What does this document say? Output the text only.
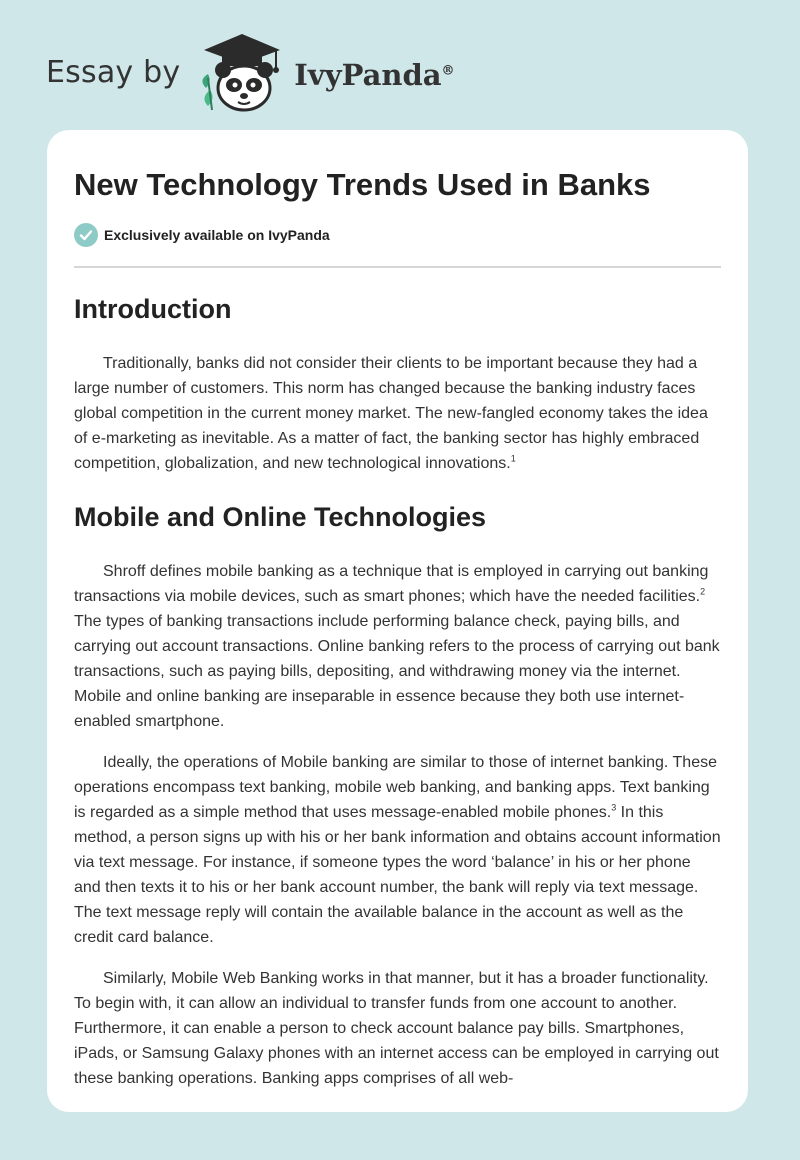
Essay by	IvyPanda®
New Technology Trends Used in Banks
Exclusively available on IvyPanda
Introduction

Traditionally, banks did not consider their clients to be important because they had a large number of customers. This norm has changed because the banking industry faces global competition in the current money market. The new-fangled economy takes the idea of e-marketing as inevitable. As a matter of fact, the banking sector has highly embraced competition, globalization, and new technological innovations.$^1$

Mobile and Online Technologies

Shroff defines mobile banking as a technique that is employed in carrying out banking transactions via mobile devices, such as smart phones; which have the needed facilities.$^2$ The types of banking transactions include performing balance check, paying bills, and carrying out account transactions. Online banking refers to the process of carrying out bank transactions, such as paying bills, depositing, and withdrawing money via the internet. Mobile and online banking are inseparable in essence because they both use internet-enabled smartphone.

Ideally, the operations of Mobile banking are similar to those of internet banking. These operations encompass text banking, mobile web banking, and banking apps. Text banking is regarded as a simple method that uses message-enabled mobile phones.$^3$ In this method, a person signs up with his or her bank information and obtains account information via text message. For instance, if someone types the word ‘balance’ in his or her phone and then texts it to his or her bank account number, the bank will reply via text message. The text message reply will contain the available balance in the account as well as the credit card balance.

Similarly, Mobile Web Banking works in that manner, but it has a broader functionality. To begin with, it can allow an individual to transfer funds from one account to another. Furthermore, it can enable a person to check account balance pay bills. Smartphones, iPads, or Samsung Galaxy phones with an internet access can be employed in carrying out these banking operations. Banking apps comprises of all web-
